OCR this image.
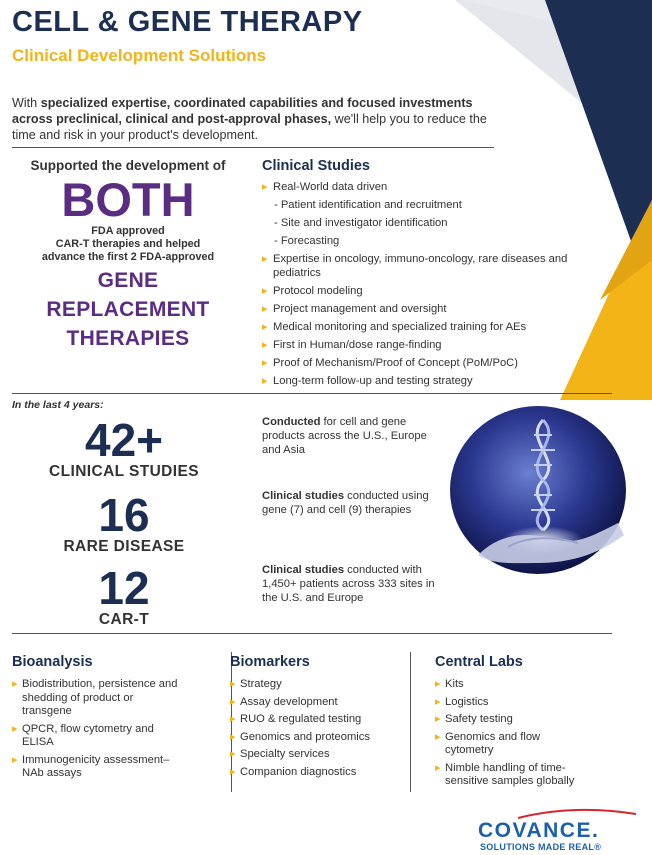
CELL & GENE THERAPY
Clinical Development Solutions

With specialized expertise, coordinated capabilities and focused investments across preclinical, clinical and post-approval phases, we'll help you to reduce the time and risk in your product's development.

Supported the development of
BOTH
FDA approved
CAR-T therapies and helped
advance the first 2 FDA-approved
GENE
REPLACEMENT
THERAPIES
Clinical Studies
▸ Real-World data driven
- Patient identification and recruitment
- Site and investigator identification
- Forecasting
▸ Expertise in oncology, immuno-oncology, rare diseases and pediatrics
▸ Protocol modeling
▸ Project management and oversight
▸ Medical monitoring and specialized training for AEs
▸ First in Human/dose range-finding
▸ Proof of Mechanism/Proof of Concept (PoM/PoC)
▸ Long-term follow-up and testing strategy
In the last 4 years:
42+
CLINICAL STUDIES
16
RARE DISEASE
12
CAR-T

Conducted for cell and gene products across the U.S., Europe and Asia

Clinical studies conducted using gene (7) and cell (9) therapies

Clinical studies conducted with 1,450+ patients across 333 sites in the U.S. and Europe

Bioanalysis
▸ Biodistribution, persistence and shedding of product or transgene
▸ QPCR, flow cytometry and ELISA
▸ Immunogenicity assessment– NAb assays
Biomarkers
▸ Strategy
▸ Assay development
▸ RUO & regulated testing
▸ Genomics and proteomics
▸ Specialty services
▸ Companion diagnostics
Central Labs
▸ Kits
▸ Logistics
▸ Safety testing
▸ Genomics and flow cytometry
▸ Nimble handling of time-sensitive samples globally
COVANCE.
SOLUTIONS MADE REAL®
